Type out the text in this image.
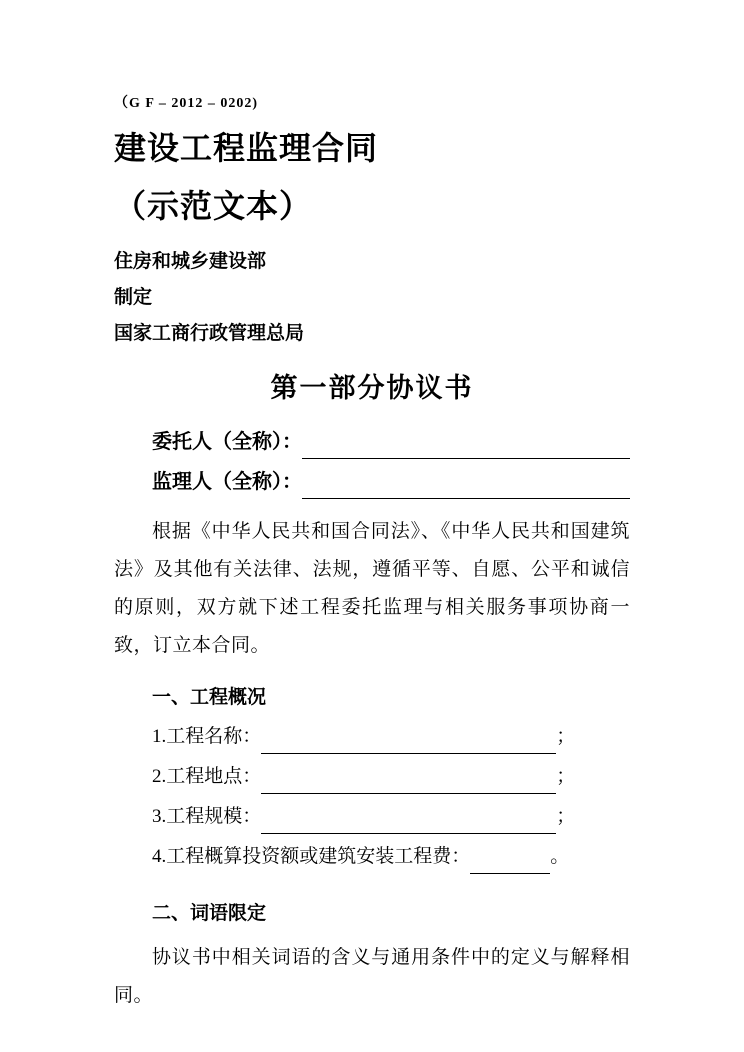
（G F – 2012 – 0202)

建设工程监理合同
（示范文本）

住房和城乡建设部

制定

国家工商行政管理总局

第一部分协议书
委托人（全称）：
监理人（全称）：

根据《中华人民共和国合同法》、《中华人民共和国建筑法》及其他有关法律、法规，遵循平等、自愿、公平和诚信的原则，双方就下述工程委托监理与相关服务事项协商一致，订立本合同。

一、工程概况
1.工程名称：	；
2.工程地点：	；
3.工程规模：	；
4.工程概算投资额或建筑安装工程费：	。
二、词语限定

协议书中相关词语的含义与通用条件中的定义与解释相同。
